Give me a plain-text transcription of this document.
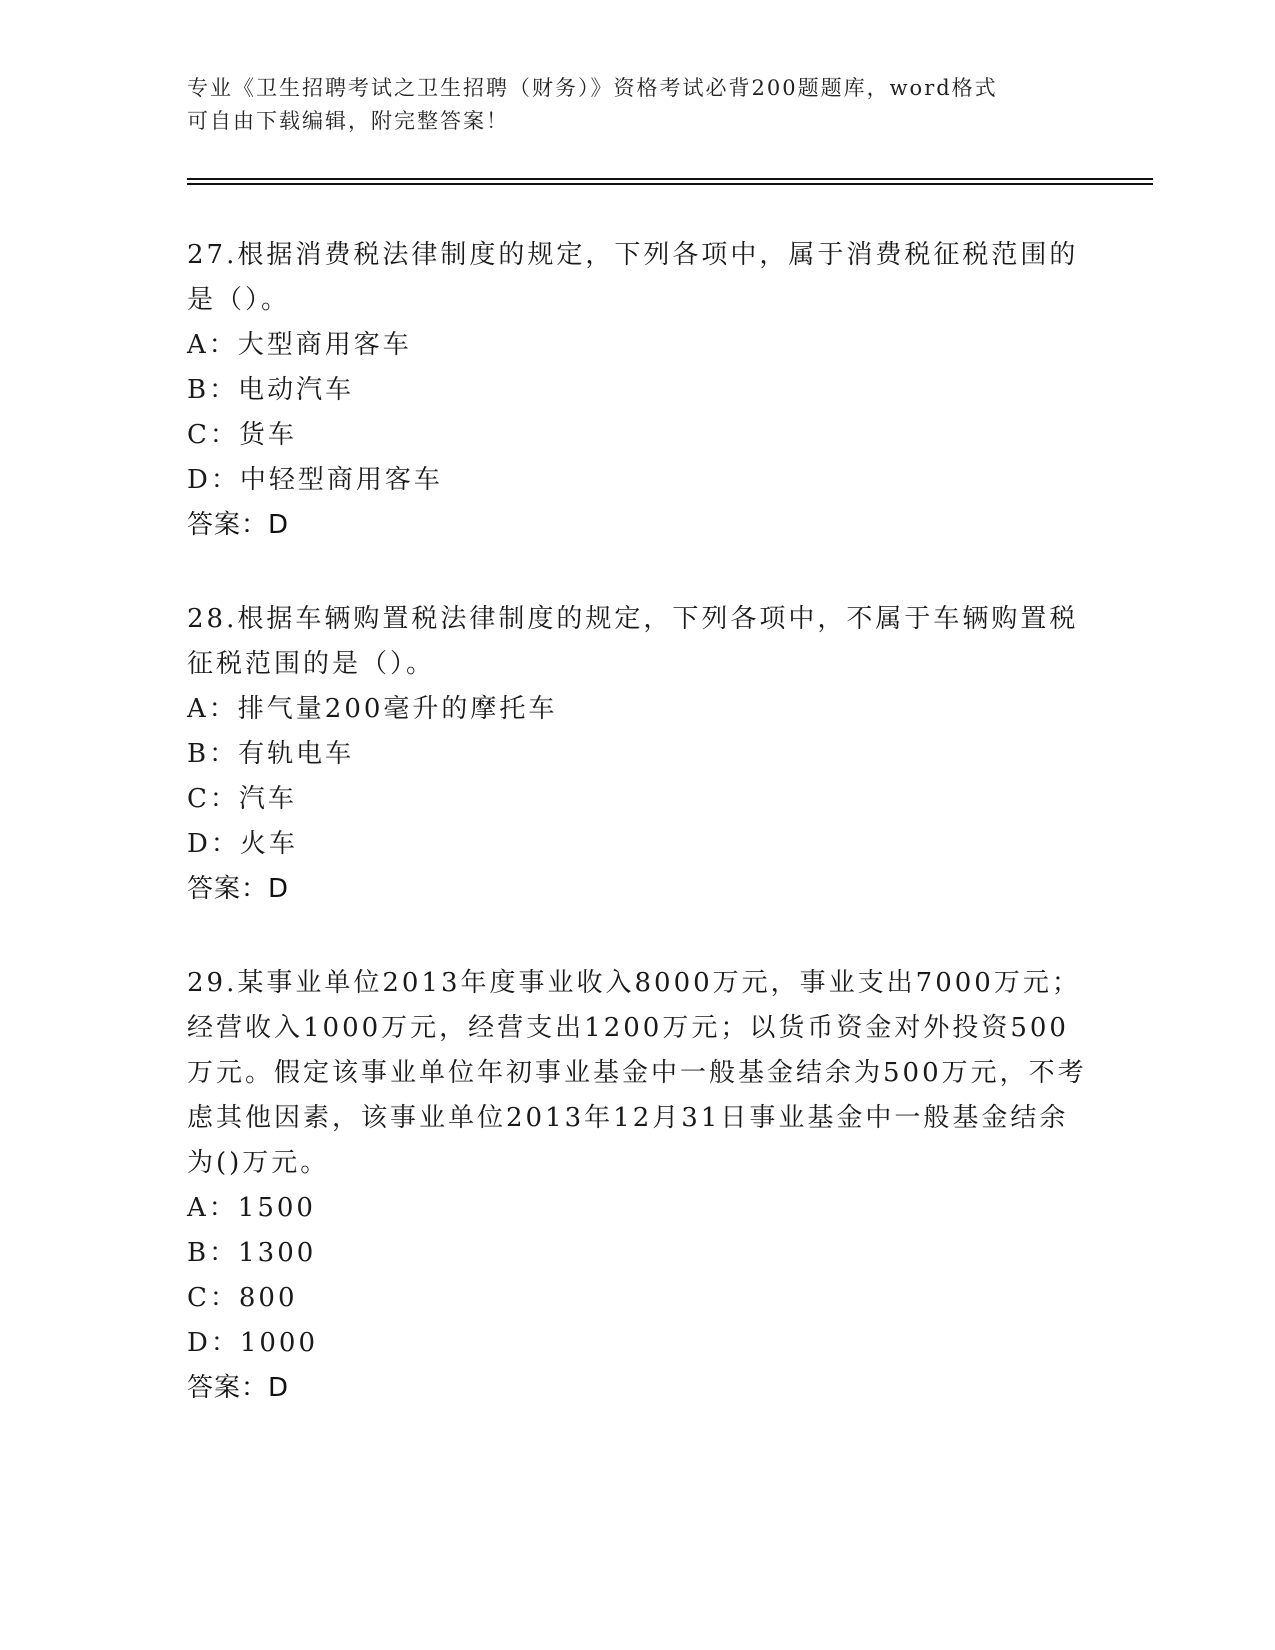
专业《卫生招聘考试之卫生招聘（财务）》资格考试必背200题题库，word格式
可自由下载编辑，附完整答案！

27.根据消费税法律制度的规定，下列各项中，属于消费税征税范围的是（）。

A：大型商用客车

B：电动汽车

C：货车

D：中轻型商用客车

答案：D

28.根据车辆购置税法律制度的规定，下列各项中，不属于车辆购置税征税范围的是（）。

A：排气量200毫升的摩托车

B：有轨电车

C：汽车

D：火车

答案：D

29.某事业单位2013年度事业收入8000万元，事业支出7000万元；经营收入1000万元，经营支出1200万元；以货币资金对外投资500万元。假定该事业单位年初事业基金中一般基金结余为500万元，不考虑其他因素，该事业单位2013年12月31日事业基金中一般基金结余为()万元。

A：1500

B：1300

C：800

D：1000

答案：D
